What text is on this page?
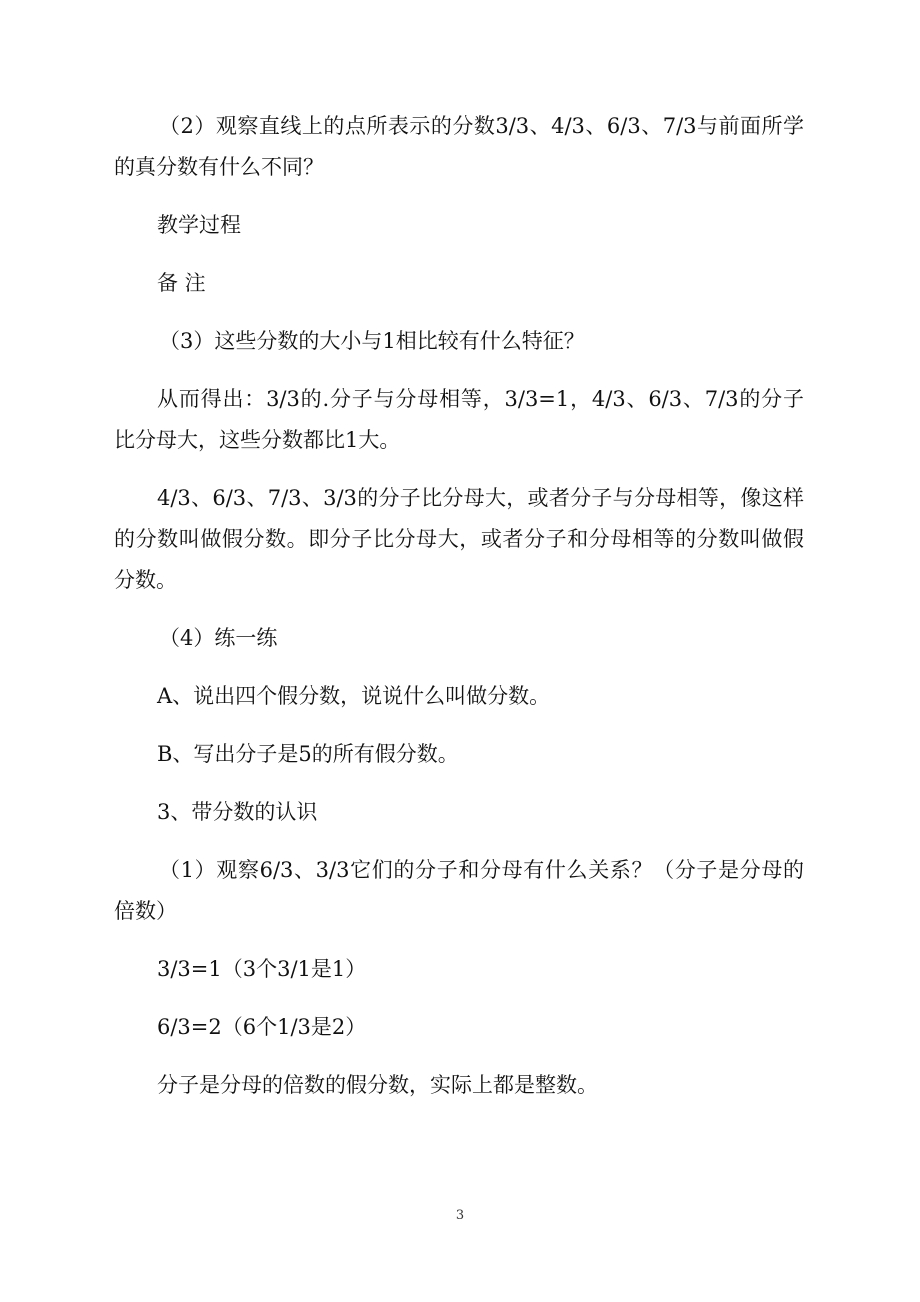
（2）观察直线上的点所表示的分数3/3、4/3、6/3、7/3与前面所学的真分数有什么不同？

教学过程

备 注

（3）这些分数的大小与1相比较有什么特征？

从而得出：3/3的.分子与分母相等，3/3=1，4/3、6/3、7/3的分子比分母大，这些分数都比1大。

4/3、6/3、7/3、3/3的分子比分母大，或者分子与分母相等，像这样的分数叫做假分数。即分子比分母大，或者分子和分母相等的分数叫做假分数。

（4）练一练

A、说出四个假分数，说说什么叫做分数。

B、写出分子是5的所有假分数。

3、带分数的认识

（1）观察6/3、3/3它们的分子和分母有什么关系？（分子是分母的倍数）

3/3=1（3个3/1是1）

6/3=2（6个1/3是2）

分子是分母的倍数的假分数，实际上都是整数。

3
